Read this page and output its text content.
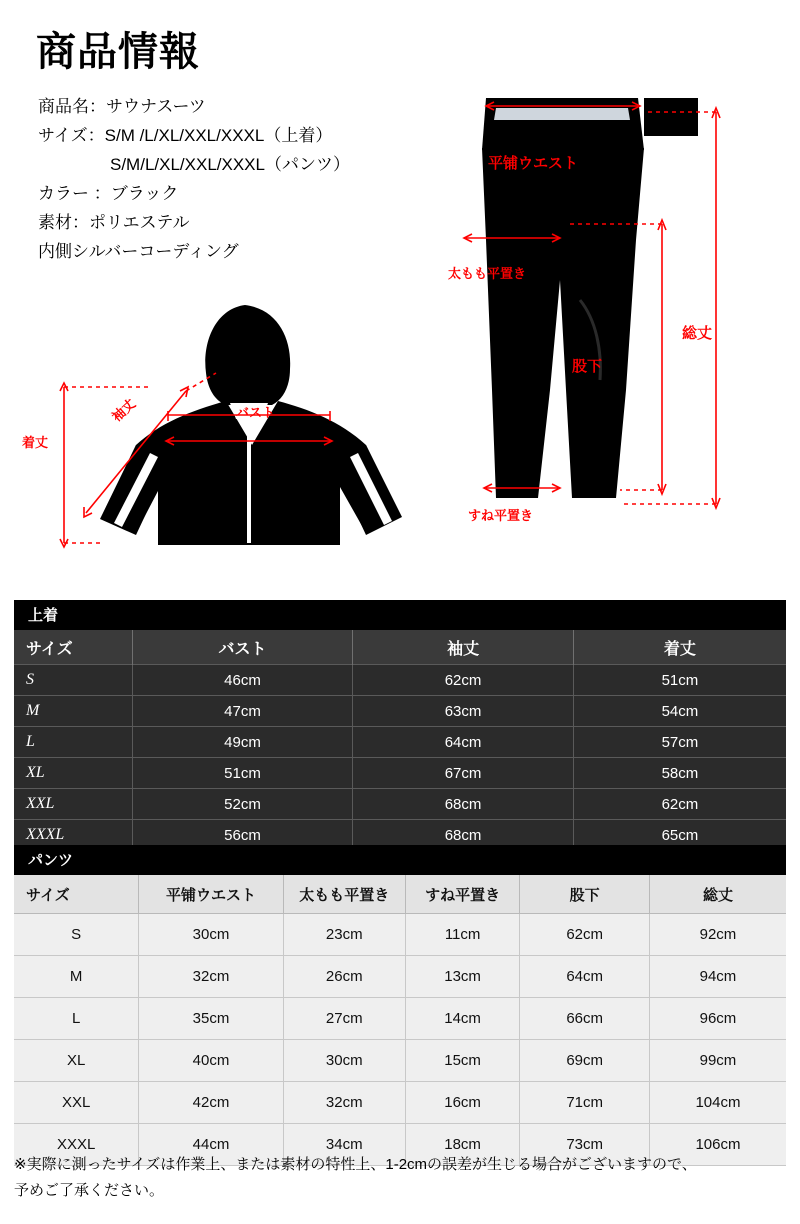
商品情報
商品名：サウナスーツ
サイズ：S/M /L/XL/XXL/XXXL（上着）
S/M/L/XL/XXL/XXXL（パンツ）
カラー ：ブラック
素材：ポリエステル
内側シルバーコーディング
バスト
袖丈
着丈
平铺ウエスト
太もも平置き
すね平置き
股下
総丈
上着
サイズ	バスト	袖丈	着丈
S	46cm	62cm	51cm
M	47cm	63cm	54cm
L	49cm	64cm	57cm
XL	51cm	67cm	58cm
XXL	52cm	68cm	62cm
XXXL	56cm	68cm	65cm
パンツ
サイズ	平铺ウエスト	太もも平置き	すね平置き	股下	総丈
S	30cm	23cm	11cm	62cm	92cm
M	32cm	26cm	13cm	64cm	94cm
L	35cm	27cm	14cm	66cm	96cm
XL	40cm	30cm	15cm	69cm	99cm
XXL	42cm	32cm	16cm	71cm	104cm
XXXL	44cm	34cm	18cm	73cm	106cm
※実際に測ったサイズは作業上、または素材の特性上、1-2cmの誤差が生じる場合がございますので、
予めご了承ください。
